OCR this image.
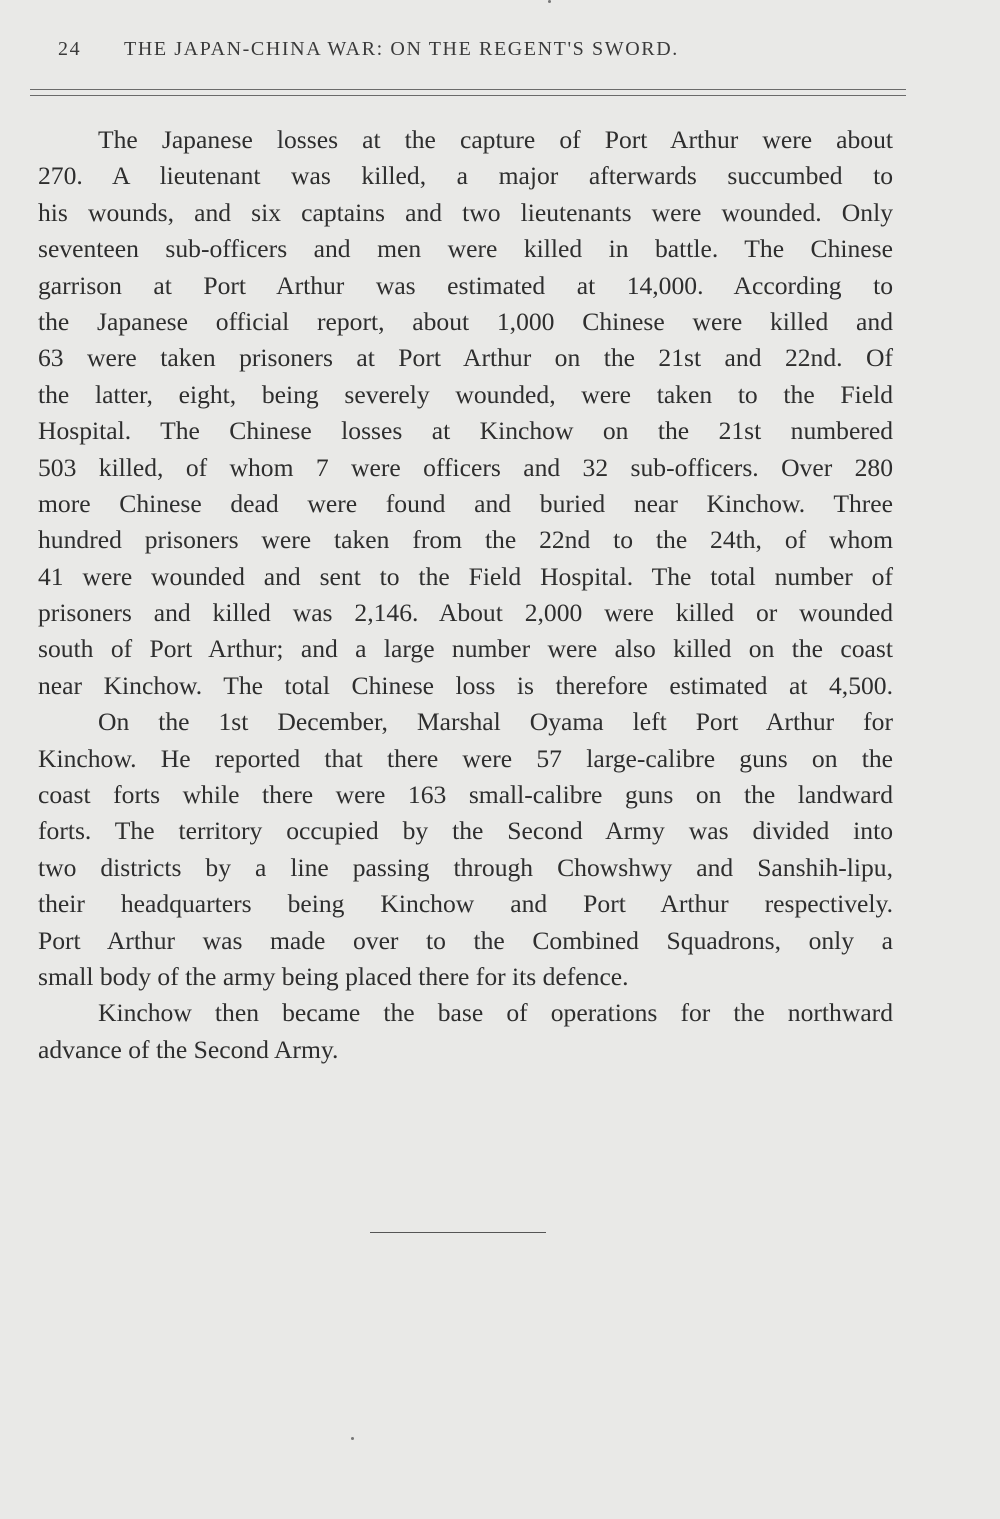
24 THE JAPAN-CHINA WAR: ON THE REGENT'S SWORD.
The Japanese losses at the capture of Port Arthur were about
270. A lieutenant was killed, a major afterwards succumbed to
his wounds, and six captains and two lieutenants were wounded. Only
seventeen sub-officers and men were killed in battle. The Chinese
garrison at Port Arthur was estimated at 14,000. According to
the Japanese official report, about 1,000 Chinese were killed and
63 were taken prisoners at Port Arthur on the 21st and 22nd. Of
the latter, eight, being severely wounded, were taken to the Field
Hospital. The Chinese losses at Kinchow on the 21st numbered
503 killed, of whom 7 were officers and 32 sub-officers. Over 280
more Chinese dead were found and buried near Kinchow. Three
hundred prisoners were taken from the 22nd to the 24th, of whom
41 were wounded and sent to the Field Hospital. The total number of
prisoners and killed was 2,146. About 2,000 were killed or wounded
south of Port Arthur; and a large number were also killed on the coast
near Kinchow. The total Chinese loss is therefore estimated at 4,500.
On the 1st December, Marshal Oyama left Port Arthur for
Kinchow. He reported that there were 57 large-calibre guns on the
coast forts while there were 163 small-calibre guns on the landward
forts. The territory occupied by the Second Army was divided into
two districts by a line passing through Chowshwy and Sanshih-lipu,
their headquarters being Kinchow and Port Arthur respectively.
Port Arthur was made over to the Combined Squadrons, only a
small body of the army being placed there for its defence.
Kinchow then became the base of operations for the northward
advance of the Second Army.
